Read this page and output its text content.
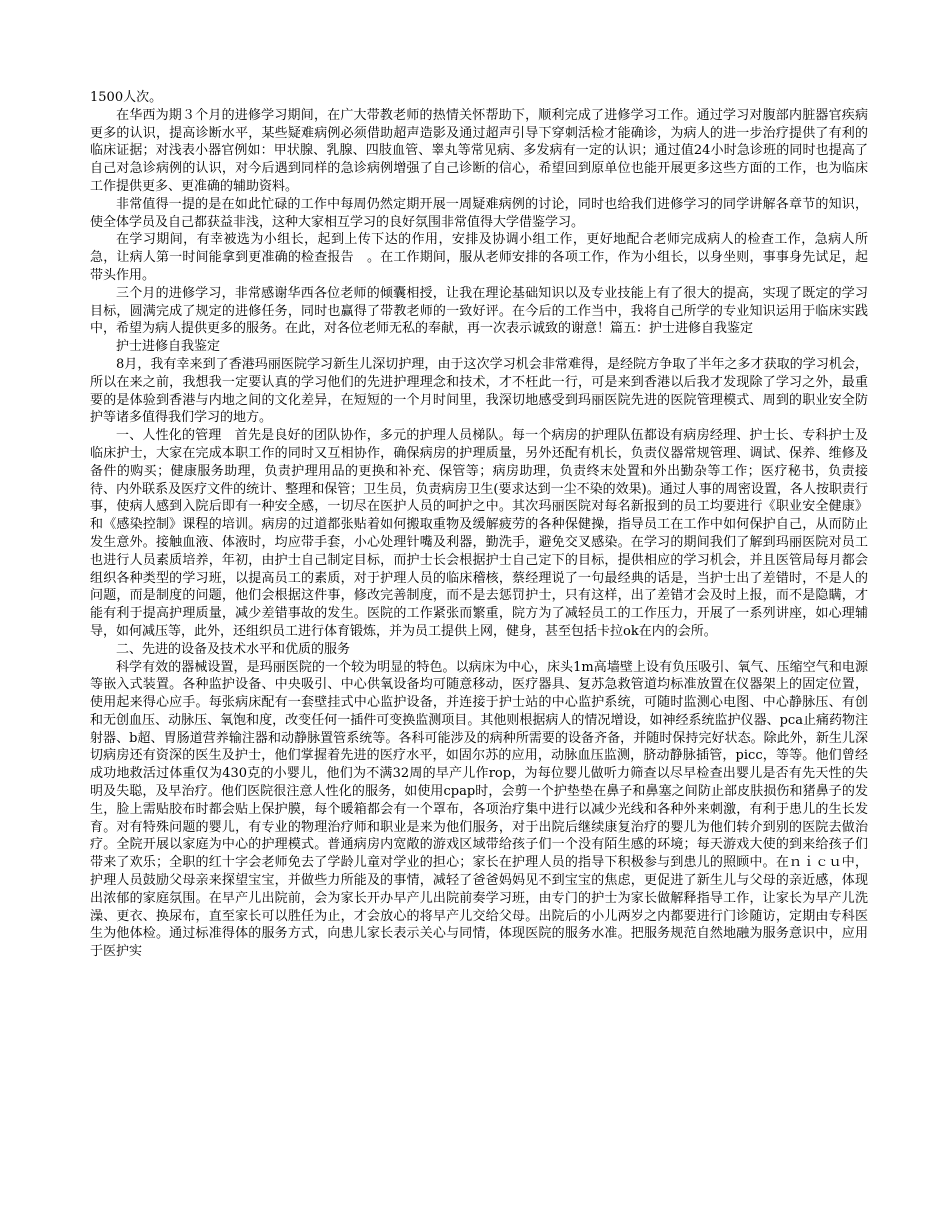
1500人次。

在华西为期３个月的进修学习期间，在广大带教老师的热情关怀帮助下，顺利完成了进修学习工作。通过学习对腹部内脏器官疾病更多的认识，提高诊断水平，某些疑难病例必须借助超声造影及通过超声引导下穿刺活检才能确诊，为病人的进一步治疗提供了有利的临床证据；对浅表小器官例如：甲状腺、乳腺、四肢血管、睾丸等常见病、多发病有一定的认识；通过值24小时急诊班的同时也提高了自己对急诊病例的认识，对今后遇到同样的急诊病例增强了自己诊断的信心，希望回到原单位也能开展更多这些方面的工作，也为临床工作提供更多、更准确的辅助资料。

非常值得一提的是在如此忙碌的工作中每周仍然定期开展一周疑难病例的讨论，同时也给我们进修学习的同学讲解各章节的知识，使全体学员及自己都获益非浅，这种大家相互学习的良好氛围非常值得大学借鉴学习。

在学习期间，有幸被选为小组长，起到上传下达的作用，安排及协调小组工作，更好地配合老师完成病人的检查工作，急病人所急，让病人第一时间能拿到更准确的检查报告　。在工作期间，服从老师安排的各项工作，作为小组长，以身坐则，事事身先试足，起带头作用。

三个月的进修学习，非常感谢华西各位老师的倾囊相授，让我在理论基础知识以及专业技能上有了很大的提高，实现了既定的学习目标，圆满完成了规定的进修任务，同时也赢得了带教老师的一致好评。在今后的工作当中，我将自己所学的专业知识运用于临床实践中，希望为病人提供更多的服务。在此，对各位老师无私的奉献，再一次表示诚致的谢意！篇五：护士进修自我鉴定

护士进修自我鉴定

8月，我有幸来到了香港玛丽医院学习新生儿深切护理，由于这次学习机会非常难得，是经院方争取了半年之多才获取的学习机会，所以在来之前，我想我一定要认真的学习他们的先进护理理念和技术，才不枉此一行，可是来到香港以后我才发现除了学习之外，最重要的是体验到香港与内地之间的文化差异，在短短的一个月时间里，我深切地感受到玛丽医院先进的医院管理模式、周到的职业安全防护等诸多值得我们学习的地方。

一、人性化的管理　首先是良好的团队协作，多元的护理人员梯队。每一个病房的护理队伍都设有病房经理、护士长、专科护士及临床护士，大家在完成本职工作的同时又互相协作，确保病房的护理质量，另外还配有机长，负责仪器常规管理、调试、保养、维修及备件的购买；健康服务助理，负责护理用品的更换和补充、保管等；病房助理，负责终末处置和外出勤杂等工作；医疗秘书，负责接待、内外联系及医疗文件的统计、整理和保管；卫生员，负责病房卫生(要求达到一尘不染的效果)。通过人事的周密设置，各人按职责行事，使病人感到入院后即有一种安全感，一切尽在医护人员的呵护之中。其次玛丽医院对每名新报到的员工均要进行《职业安全健康》和《感染控制》课程的培训。病房的过道都张贴着如何搬取重物及缓解疲劳的各种保健操，指导员工在工作中如何保护自己，从而防止发生意外。接触血液、体液时，均应带手套，小心处理针嘴及利器，勤洗手，避免交叉感染。在学习的期间我们了解到玛丽医院对员工也进行人员素质培养，年初，由护士自己制定目标，而护士长会根据护士自己定下的目标，提供相应的学习机会，并且医管局每月都会组织各种类型的学习班，以提高员工的素质，对于护理人员的临床稽核，蔡经理说了一句最经典的话是，当护士出了差错时，不是人的问题，而是制度的问题，他们会根据这件事，修改完善制度，而不是去惩罚护士，只有这样，出了差错才会及时上报，而不是隐瞒，才能有利于提高护理质量，减少差错事故的发生。医院的工作紧张而繁重，院方为了减轻员工的工作压力，开展了一系列讲座，如心理辅导，如何减压等，此外，还组织员工进行体育锻炼，并为员工提供上网，健身，甚至包括卡拉ok在内的会所。

二、先进的设备及技术水平和优质的服务

科学有效的器械设置，是玛丽医院的一个较为明显的特色。以病床为中心，床头1m高墙壁上设有负压吸引、氧气、压缩空气和电源等嵌入式装置。各种监护设备、中央吸引、中心供氧设备均可随意移动，医疗器具、复苏急救管道均标准放置在仪器架上的固定位置，使用起来得心应手。每张病床配有一套壁挂式中心监护设备，并连接于护士站的中心监护系统，可随时监测心电图、中心静脉压、有创和无创血压、动脉压、氧饱和度，改变任何一插件可变换监测项目。其他则根据病人的情况增设，如神经系统监护仪器、pca止痛药物注射器、b超、胃肠道营养输注器和动静脉置管系统等。各科可能涉及的病种所需要的设备齐备，并随时保持完好状态。除此外，新生儿深切病房还有资深的医生及护士，他们掌握着先进的医疗水平，如固尔苏的应用，动脉血压监测，脐动静脉插管，picc，等等。他们曾经成功地救活过体重仅为430克的小婴儿，他们为不满32周的早产儿作rop，为每位婴儿做听力筛查以尽早检查出婴儿是否有先天性的失明及失聪，及早治疗。他们医院很注意人性化的服务，如使用cpap时，会剪一个护垫垫在鼻子和鼻塞之间防止部皮肤损伤和猪鼻子的发生，脸上需贴胶布时都会贴上保护膜，每个暖箱都会有一个罩布，各项治疗集中进行以减少光线和各种外来刺激，有利于患儿的生长发育。对有特殊问题的婴儿，有专业的物理治疗师和职业是来为他们服务，对于出院后继续康复治疗的婴儿为他们转介到别的医院去做治疗。全院开展以家庭为中心的护理模式。普通病房内宽敞的游戏区域带给孩子们一个没有陌生感的环境；每天游戏大使的到来给孩子们带来了欢乐；全职的红十字会老师免去了学龄儿童对学业的担心；家长在护理人员的指导下积极参与到患儿的照顾中。在ｎｉｃｕ中，护理人员鼓励父母亲来探望宝宝，并做些力所能及的事情，减轻了爸爸妈妈见不到宝宝的焦虑，更促进了新生儿与父母的亲近感，体现出浓郁的家庭氛围。在早产儿出院前，会为家长开办早产儿出院前奏学习班，由专门的护士为家长做解释指导工作，让家长为早产儿洗澡、更衣、换尿布，直至家长可以胜任为止，才会放心的将早产儿交给父母。出院后的小儿两岁之内都要进行门诊随访，定期由专科医生为他体检。通过标准得体的服务方式，向患儿家长表示关心与同情，体现医院的服务水准。把服务规范自然地融为服务意识中，应用于医护实
